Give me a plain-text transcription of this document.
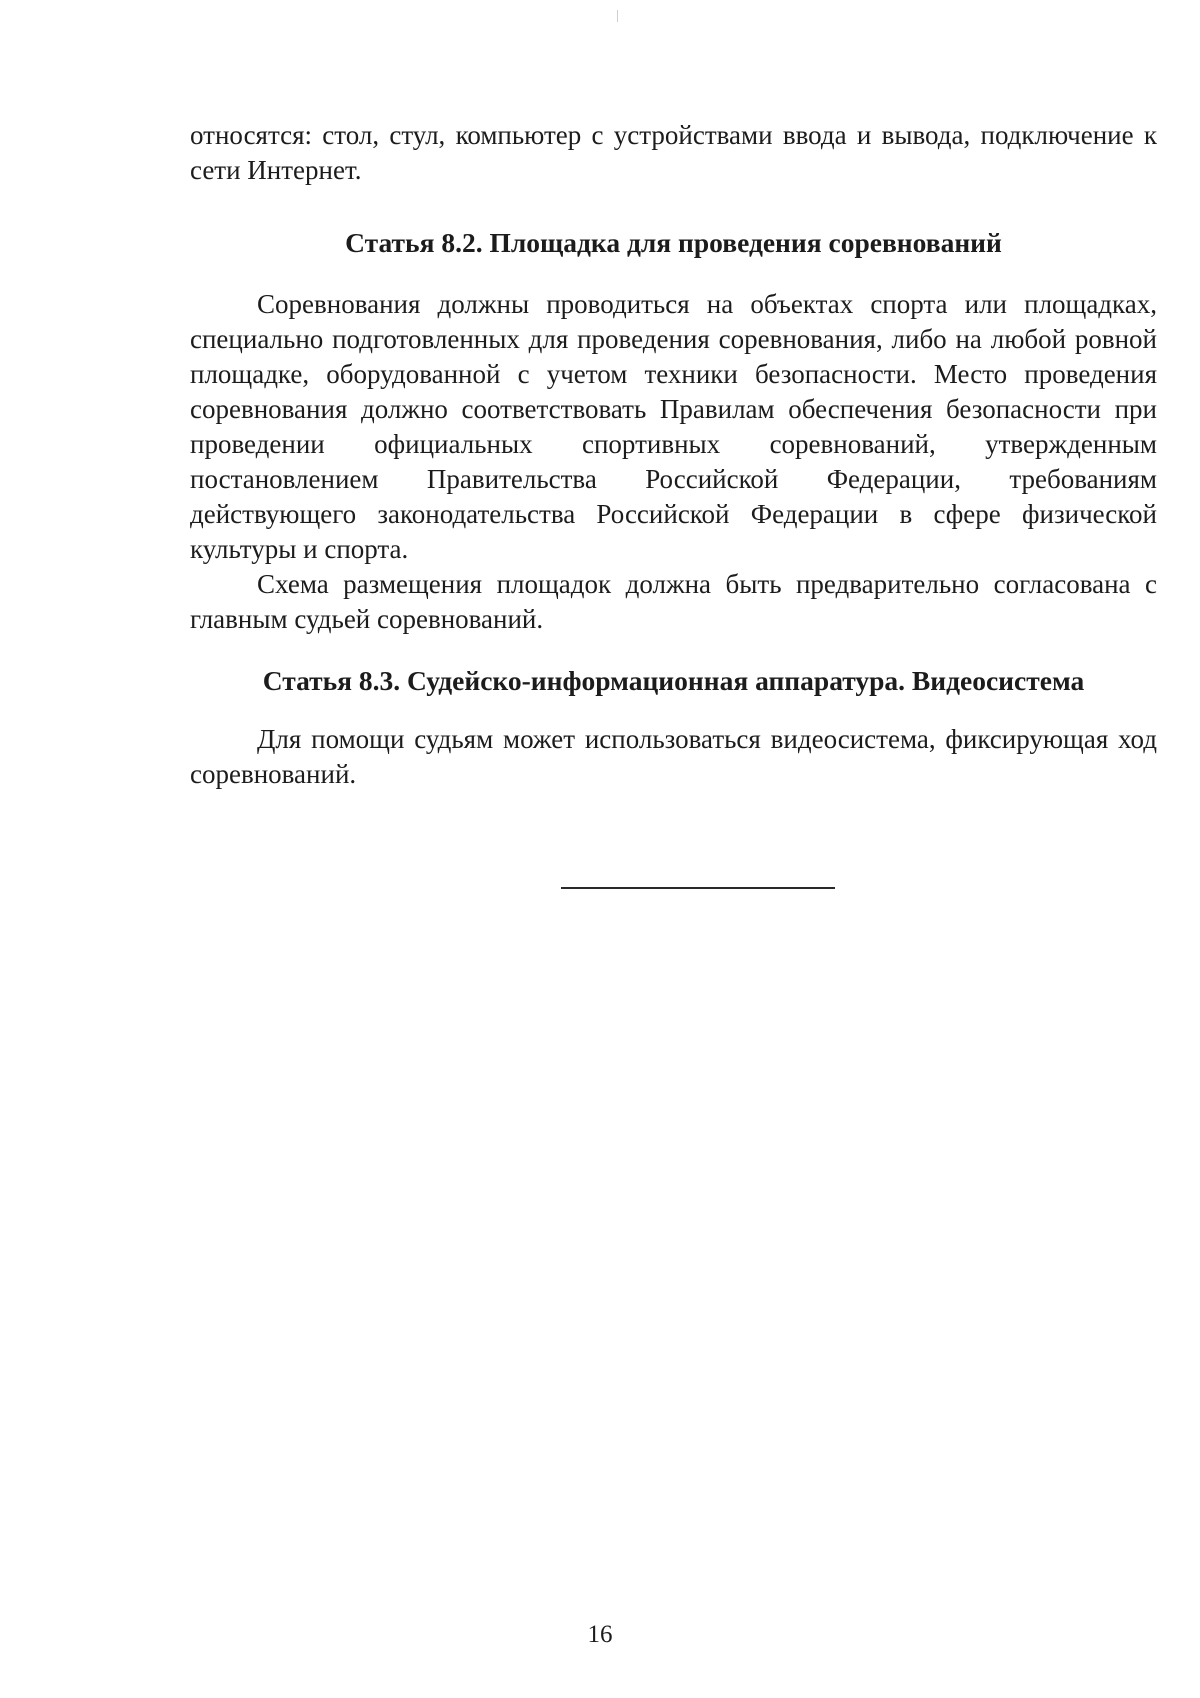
относятся: стол, стул, компьютер с устройствами ввода и вывода, подключение к сети Интернет.

Статья 8.2. Площадка для проведения соревнований

Соревнования должны проводиться на объектах спорта или площадках, специально подготовленных для проведения соревнования, либо на любой ровной площадке, оборудованной с учетом техники безопасности. Место проведения соревнования должно соответствовать Правилам обеспечения безопасности при проведении официальных спортивных соревнований, утвержденным постановлением Правительства Российской Федерации, требованиям действующего законодательства Российской Федерации в сфере физической культуры и спорта.

Схема размещения площадок должна быть предварительно согласована с главным судьей соревнований.

Статья 8.3. Судейско-информационная аппаратура. Видеосистема

Для помощи судьям может использоваться видеосистема, фиксирующая ход соревнований.

16
